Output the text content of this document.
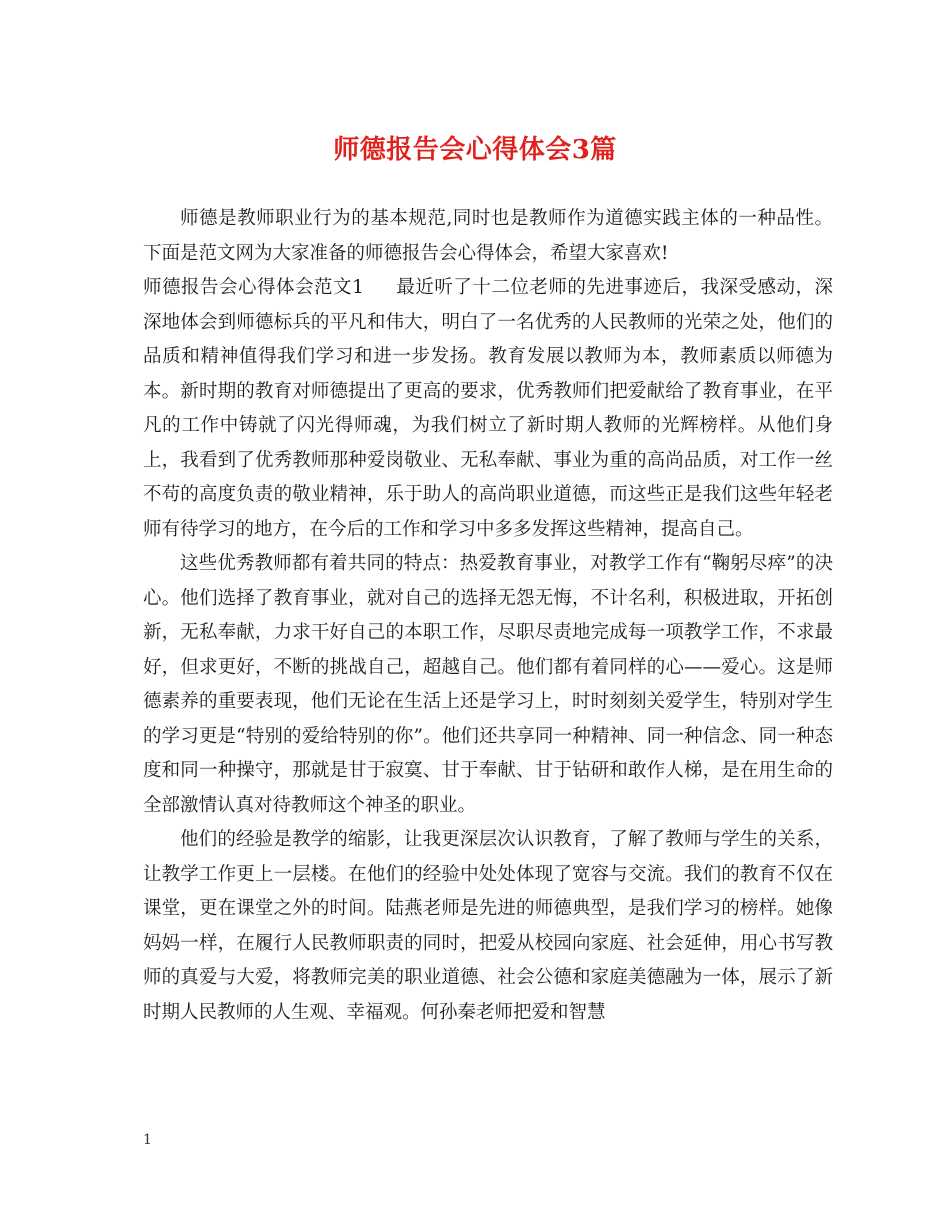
师德报告会心得体会3篇

师德是教师职业行为的基本规范,同时也是教师作为道德实践主体的一种品性。下面是范文网为大家准备的师德报告会心得体会，希望大家喜欢!

师德报告会心得体会范文1 最近听了十二位老师的先进事迹后，我深受感动，深深地体会到师德标兵的平凡和伟大，明白了一名优秀的人民教师的光荣之处，他们的品质和精神值得我们学习和进一步发扬。教育发展以教师为本，教师素质以师德为本。新时期的教育对师德提出了更高的要求，优秀教师们把爱献给了教育事业，在平凡的工作中铸就了闪光得师魂，为我们树立了新时期人教师的光辉榜样。从他们身上，我看到了优秀教师那种爱岗敬业、无私奉献、事业为重的高尚品质，对工作一丝不苟的高度负责的敬业精神，乐于助人的高尚职业道德，而这些正是我们这些年轻老师有待学习的地方，在今后的工作和学习中多多发挥这些精神，提高自己。

这些优秀教师都有着共同的特点：热爱教育事业，对教学工作有“鞠躬尽瘁”的决心。他们选择了教育事业，就对自己的选择无怨无悔，不计名利，积极进取，开拓创新，无私奉献，力求干好自己的本职工作，尽职尽责地完成每一项教学工作，不求最好，但求更好，不断的挑战自己，超越自己。他们都有着同样的心——爱心。这是师德素养的重要表现，他们无论在生活上还是学习上，时时刻刻关爱学生，特别对学生的学习更是“特别的爱给特别的你”。他们还共享同一种精神、同一种信念、同一种态度和同一种操守，那就是甘于寂寞、甘于奉献、甘于钻研和敢作人梯，是在用生命的全部激情认真对待教师这个神圣的职业。

他们的经验是教学的缩影，让我更深层次认识教育，了解了教师与学生的关系，让教学工作更上一层楼。在他们的经验中处处体现了宽容与交流。我们的教育不仅在课堂，更在课堂之外的时间。陆燕老师是先进的师德典型，是我们学习的榜样。她像妈妈一样，在履行人民教师职责的同时，把爱从校园向家庭、社会延伸，用心书写教师的真爱与大爱，将教师完美的职业道德、社会公德和家庭美德融为一体，展示了新时期人民教师的人生观、幸福观。何孙秦老师把爱和智慧

1
